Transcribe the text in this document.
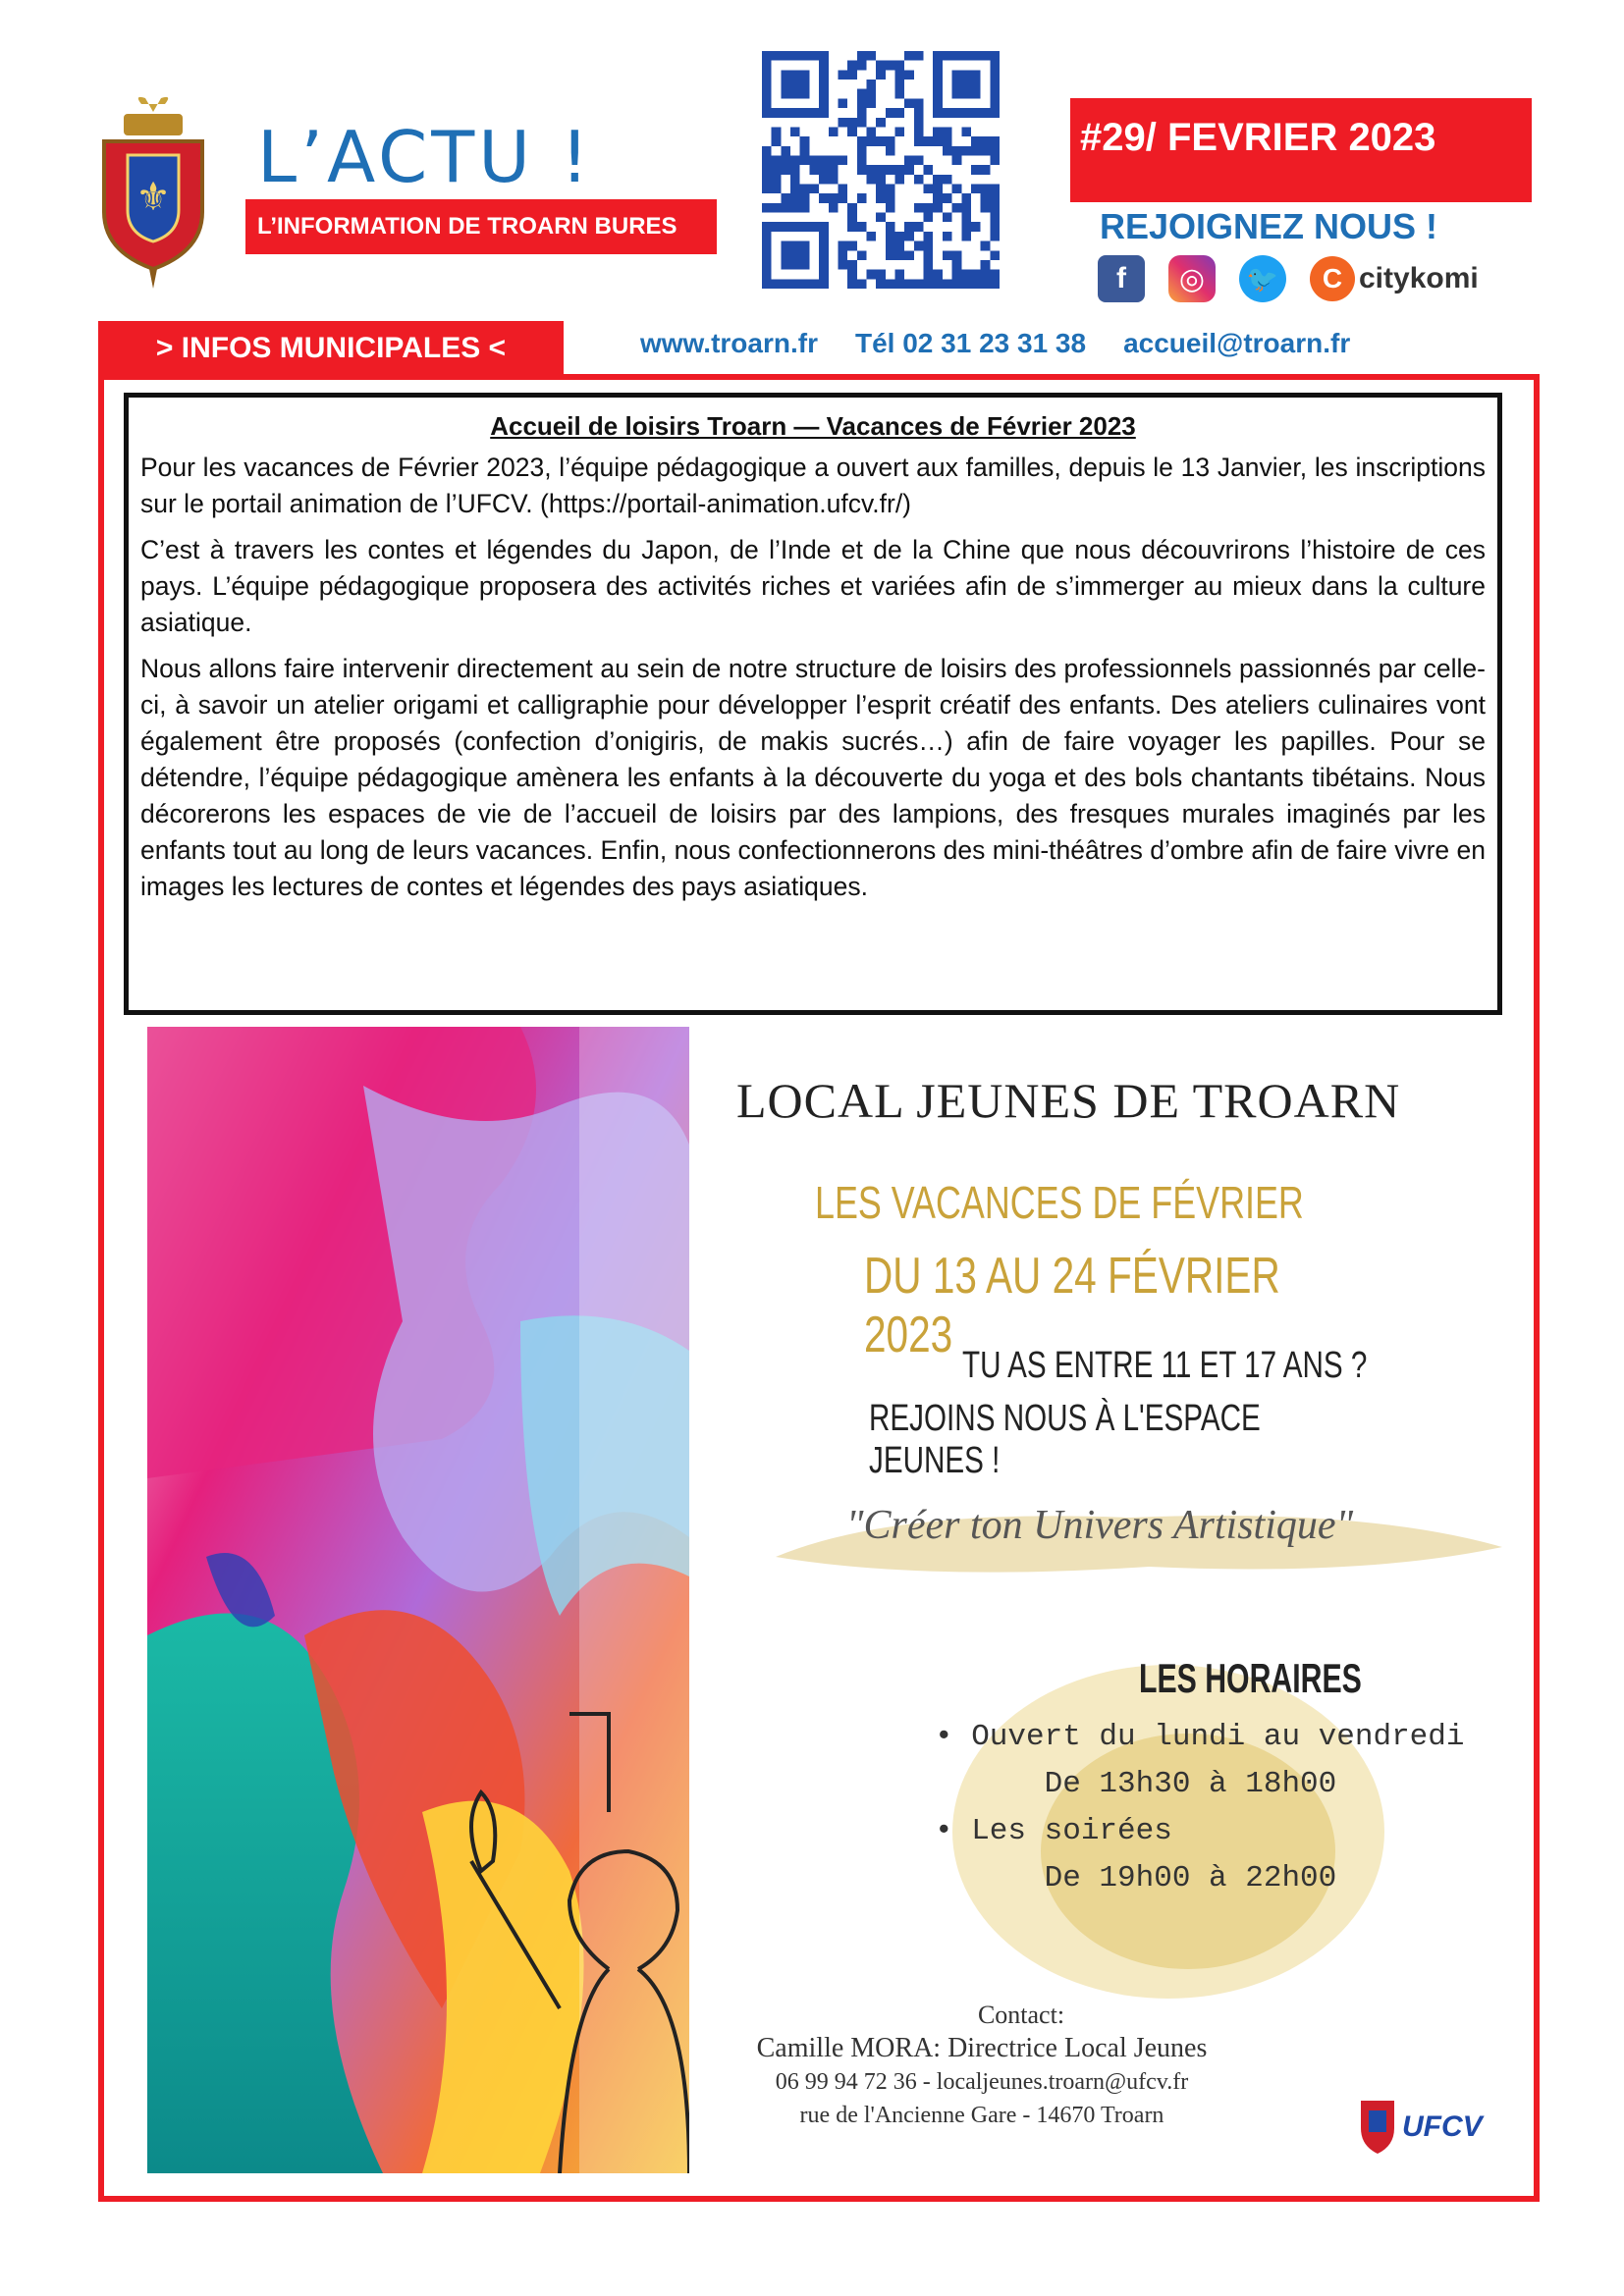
⚜ L’ACTU !
L’INFORMATION DE TROARN BURES
#29/ FEVRIER 2023
REJOIGNEZ NOUS !
f	◎	🐦	C citykomi
> INFOS MUNICIPALES <	www.troarn.fr Tél 02 31 23 31 38 accueil@troarn.fr
Accueil de loisirs Troarn — Vacances de Février 2023

Pour les vacances de Février 2023, l’équipe pédagogique a ouvert aux familles, depuis le 13 Janvier, les inscriptions sur le portail animation de l’UFCV. (https://portail-animation.ufcv.fr/)

C’est à travers les contes et légendes du Japon, de l’Inde et de la Chine que nous découvrirons l’histoire de ces pays. L’équipe pédagogique proposera des activités riches et variées afin de s’immerger au mieux dans la culture asiatique.

Nous allons faire intervenir directement au sein de notre structure de loisirs des professionnels passionnés par celle-ci, à savoir un atelier origami et calligraphie pour développer l’esprit créatif des enfants. Des ateliers culinaires vont également être proposés (confection d’onigiris, de makis sucrés…) afin de faire voyager les papilles. Pour se détendre, l’équipe pédagogique amènera les enfants à la découverte du yoga et des bols chantants tibétains. Nous décorerons les espaces de vie de l’accueil de loisirs par des lampions, des fresques murales imaginés par les enfants tout au long de leurs vacances. Enfin, nous confectionnerons des mini-théâtres d’ombre afin de faire vivre en images les lectures de contes et légendes des pays asiatiques.

LOCAL JEUNES DE TROARN
LES VACANCES DE FÉVRIER
DU 13 AU 24 FÉVRIER 2023
TU AS ENTRE 11 ET 17 ANS ?
REJOINS NOUS À L'ESPACE JEUNES !
"Créer ton Univers Artistique"
LES HORAIRES
• Ouvert du lundi au vendredi
De 13h30 à 18h00
• Les soirées
De 19h00 à 22h00
Contact:
Camille MORA: Directrice Local Jeunes
06 99 94 72 36 - localjeunes.troarn@ufcv.fr
rue de l'Ancienne Gare - 14670 Troarn	UFCV
